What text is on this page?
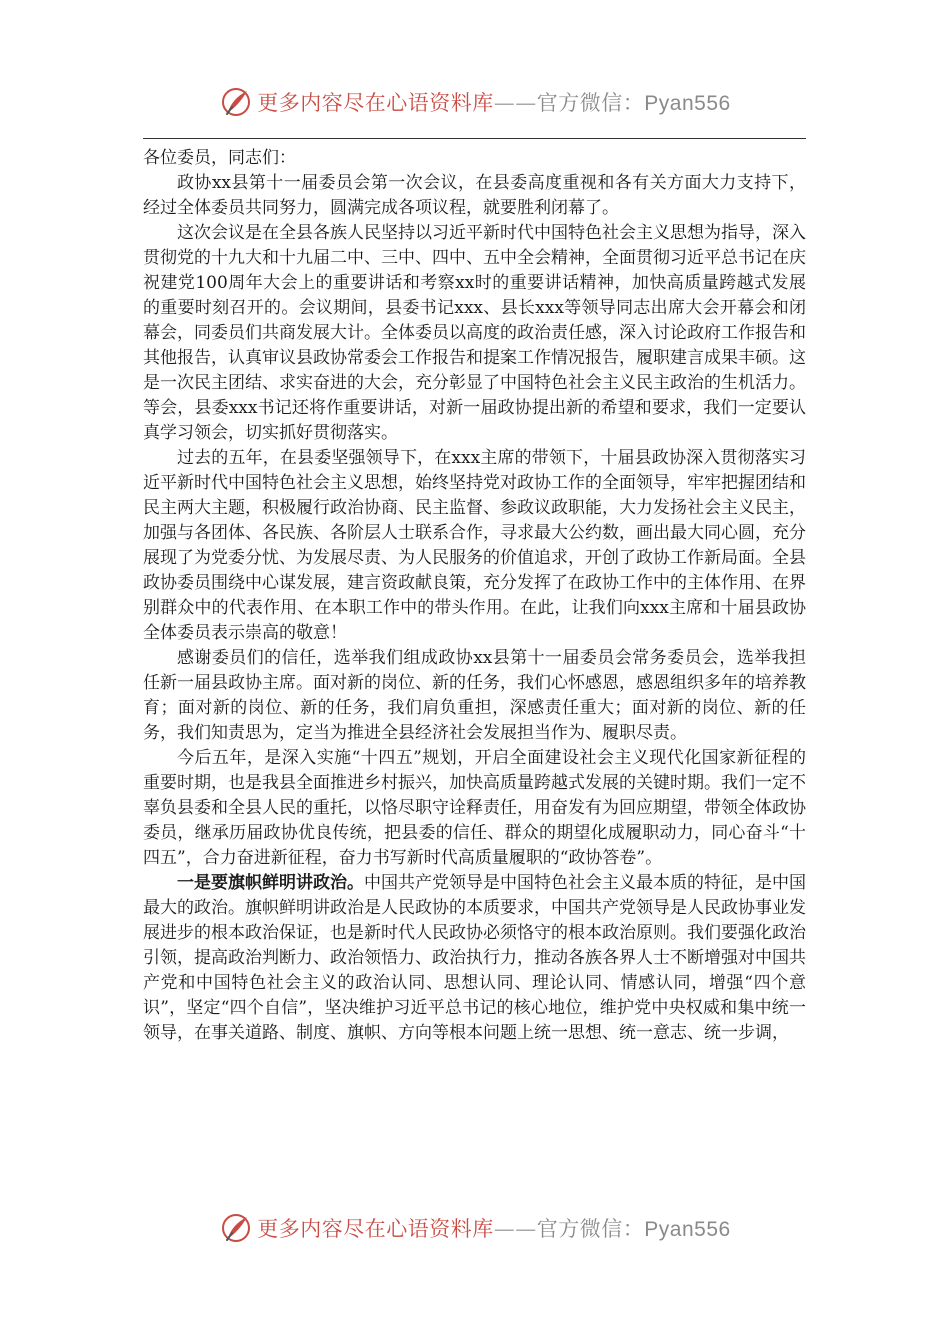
更多内容尽在心语资料库——官方微信：Pyan556

各位委员，同志们：

政协xx县第十一届委员会第一次会议，在县委高度重视和各有关方面大力支持下，经过全体委员共同努力，圆满完成各项议程，就要胜利闭幕了。

这次会议是在全县各族人民坚持以习近平新时代中国特色社会主义思想为指导，深入贯彻党的十九大和十九届二中、三中、四中、五中全会精神，全面贯彻习近平总书记在庆祝建党100周年大会上的重要讲话和考察xx时的重要讲话精神，加快高质量跨越式发展的重要时刻召开的。会议期间，县委书记xxx、县长xxx等领导同志出席大会开幕会和闭幕会，同委员们共商发展大计。全体委员以高度的政治责任感，深入讨论政府工作报告和其他报告，认真审议县政协常委会工作报告和提案工作情况报告，履职建言成果丰硕。这是一次民主团结、求实奋进的大会，充分彰显了中国特色社会主义民主政治的生机活力。等会，县委xxx书记还将作重要讲话，对新一届政协提出新的希望和要求，我们一定要认真学习领会，切实抓好贯彻落实。

过去的五年，在县委坚强领导下，在xxx主席的带领下，十届县政协深入贯彻落实习近平新时代中国特色社会主义思想，始终坚持党对政协工作的全面领导，牢牢把握团结和民主两大主题，积极履行政治协商、民主监督、参政议政职能，大力发扬社会主义民主，加强与各团体、各民族、各阶层人士联系合作，寻求最大公约数，画出最大同心圆，充分展现了为党委分忧、为发展尽责、为人民服务的价值追求，开创了政协工作新局面。全县政协委员围绕中心谋发展，建言资政献良策，充分发挥了在政协工作中的主体作用、在界别群众中的代表作用、在本职工作中的带头作用。在此，让我们向xxx主席和十届县政协全体委员表示崇高的敬意！

感谢委员们的信任，选举我们组成政协xx县第十一届委员会常务委员会，选举我担任新一届县政协主席。面对新的岗位、新的任务，我们心怀感恩，感恩组织多年的培养教育；面对新的岗位、新的任务，我们肩负重担，深感责任重大；面对新的岗位、新的任务，我们知责思为，定当为推进全县经济社会发展担当作为、履职尽责。

今后五年，是深入实施“十四五”规划，开启全面建设社会主义现代化国家新征程的重要时期，也是我县全面推进乡村振兴，加快高质量跨越式发展的关键时期。我们一定不辜负县委和全县人民的重托，以恪尽职守诠释责任，用奋发有为回应期望，带领全体政协委员，继承历届政协优良传统，把县委的信任、群众的期望化成履职动力，同心奋斗“十四五”，合力奋进新征程，奋力书写新时代高质量履职的“政协答卷”。

一是要旗帜鲜明讲政治。中国共产党领导是中国特色社会主义最本质的特征，是中国最大的政治。旗帜鲜明讲政治是人民政协的本质要求，中国共产党领导是人民政协事业发展进步的根本政治保证，也是新时代人民政协必须恪守的根本政治原则。我们要强化政治引领，提高政治判断力、政治领悟力、政治执行力，推动各族各界人士不断增强对中国共产党和中国特色社会主义的政治认同、思想认同、理论认同、情感认同，增强“四个意识”，坚定“四个自信”，坚决维护习近平总书记的核心地位，维护党中央权威和集中统一领导，在事关道路、制度、旗帜、方向等根本问题上统一思想、统一意志、统一步调，

更多内容尽在心语资料库——官方微信：Pyan556
